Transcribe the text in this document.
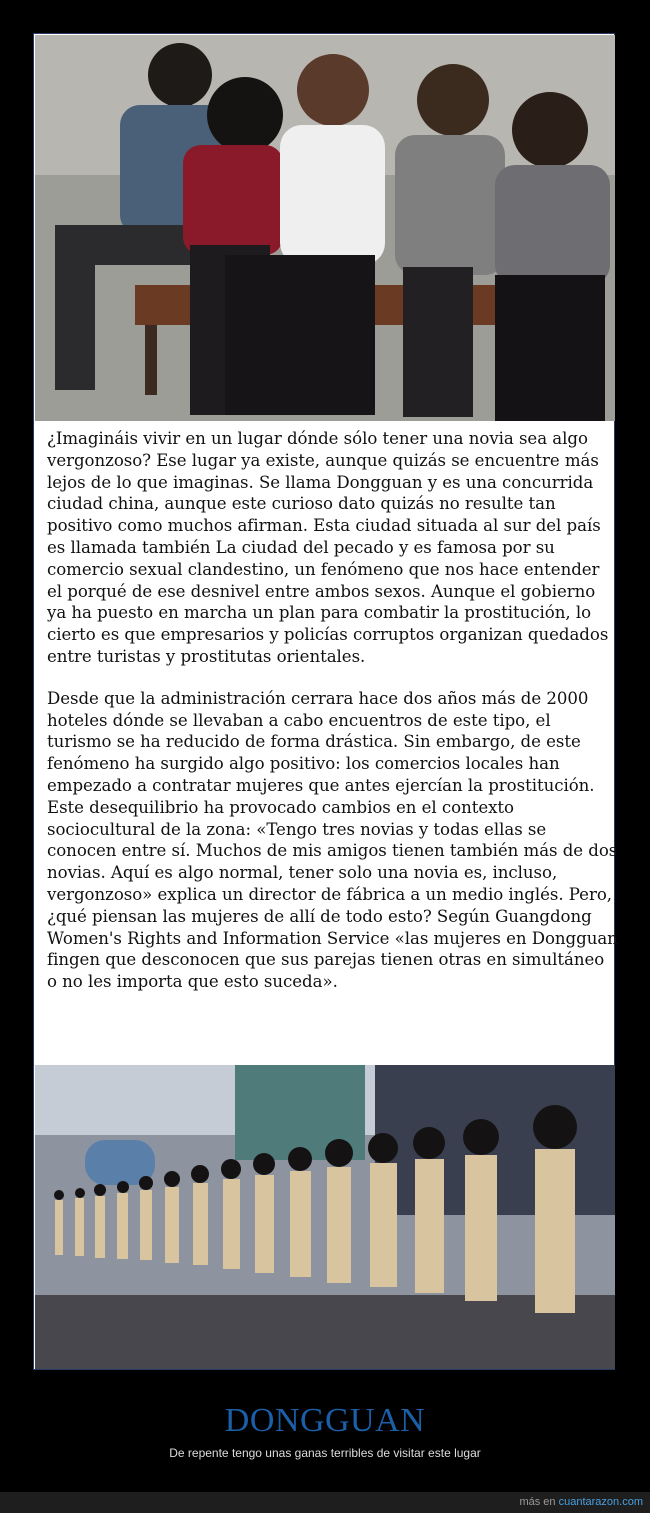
¿Imagináis vivir en un lugar dónde sólo tener una novia sea algo vergonzoso? Ese lugar ya existe, aunque quizás se encuentre más lejos de lo que imaginas. Se llama Dongguan y es una concurrida ciudad china, aunque este curioso dato quizás no resulte tan positivo como muchos afirman. Esta ciudad situada al sur del país es llamada también La ciudad del pecado y es famosa por su comercio sexual clandestino, un fenómeno que nos hace entender el porqué de ese desnivel entre ambos sexos. Aunque el gobierno ya ha puesto en marcha un plan para combatir la prostitución, lo cierto es que empresarios y policías corruptos organizan quedados entre turistas y prostitutas orientales.

Desde que la administración cerrara hace dos años más de 2000 hoteles dónde se llevaban a cabo encuentros de este tipo, el turismo se ha reducido de forma drástica. Sin embargo, de este fenómeno ha surgido algo positivo: los comercios locales han empezado a contratar mujeres que antes ejercían la prostitución. Este desequilibrio ha provocado cambios en el contexto sociocultural de la zona: «Tengo tres novias y todas ellas se conocen entre sí. Muchos de mis amigos tienen también más de dos novias. Aquí es algo normal, tener solo una novia es, incluso, vergonzoso» explica un director de fábrica a un medio inglés. Pero, ¿qué piensan las mujeres de allí de todo esto? Según Guangdong Women's Rights and Information Service «las mujeres en Dongguan fingen que desconocen que sus parejas tienen otras en simultáneo o no les importa que esto suceda».

DONGGUAN
De repente tengo unas ganas terribles de visitar este lugar
más en cuantarazon.com
